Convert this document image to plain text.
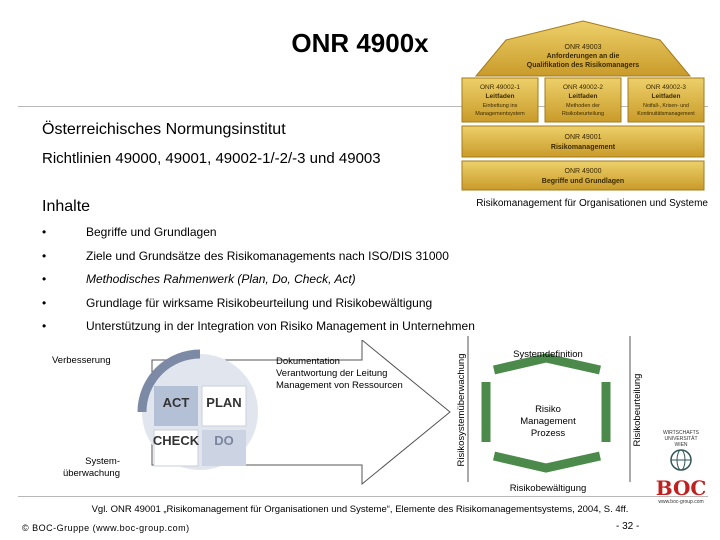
ONR 4900x	ONR 49003
Anforderungen an die
Qualifikation des Risikomanagers
ONR 49002-1
Leitfaden
Einbettung ins
Managementsystem
ONR 49002-2
Leitfaden
Methoden der
Risikobeurteilung
ONR 49002-3
Leitfaden
Notfall-, Krisen- und
Kontinuitätsmanagement
ONR 49001
Risikomanagement
ONR 49000
Begriffe und Grundlagen
Österreichisches Normungsinstitut
Richtlinien 49000, 49001, 49002-1/-2/-3 und 49003
Inhalte	Risikomanagement für Organisationen und Systeme
•	Begriffe und Grundlagen
•	Ziele und Grundsätze des Risikomanagements nach ISO/DIS 31000
•	Methodisches Rahmenwerk (Plan, Do, Check, Act)
•	Grundlage für wirksame Risikobeurteilung und Risikobewältigung
•	Unterstützung in der Integration von Risiko Management in Unternehmen
ACT PLAN
CHECK DO
Verbesserung	Dokumentation
Verantwortung der Leitung
Management von Ressourcen
System-
überwachung
Systemdefinition
Risiko
Management
Prozess
Risikobewältigung
Risikosystemüberwachung	Risikobeurteilung	WIRTSCHAFTS
UNIVERSITÄT
WIEN
BOC
www.boc-group.com
Vgl. ONR 49001 „Risikomanagement für Organisationen und Systeme“, Elemente des Risikomanagementsystems, 2004, S. 4ff.
© BOC-Gruppe (www.boc-group.com)	- 32 -
